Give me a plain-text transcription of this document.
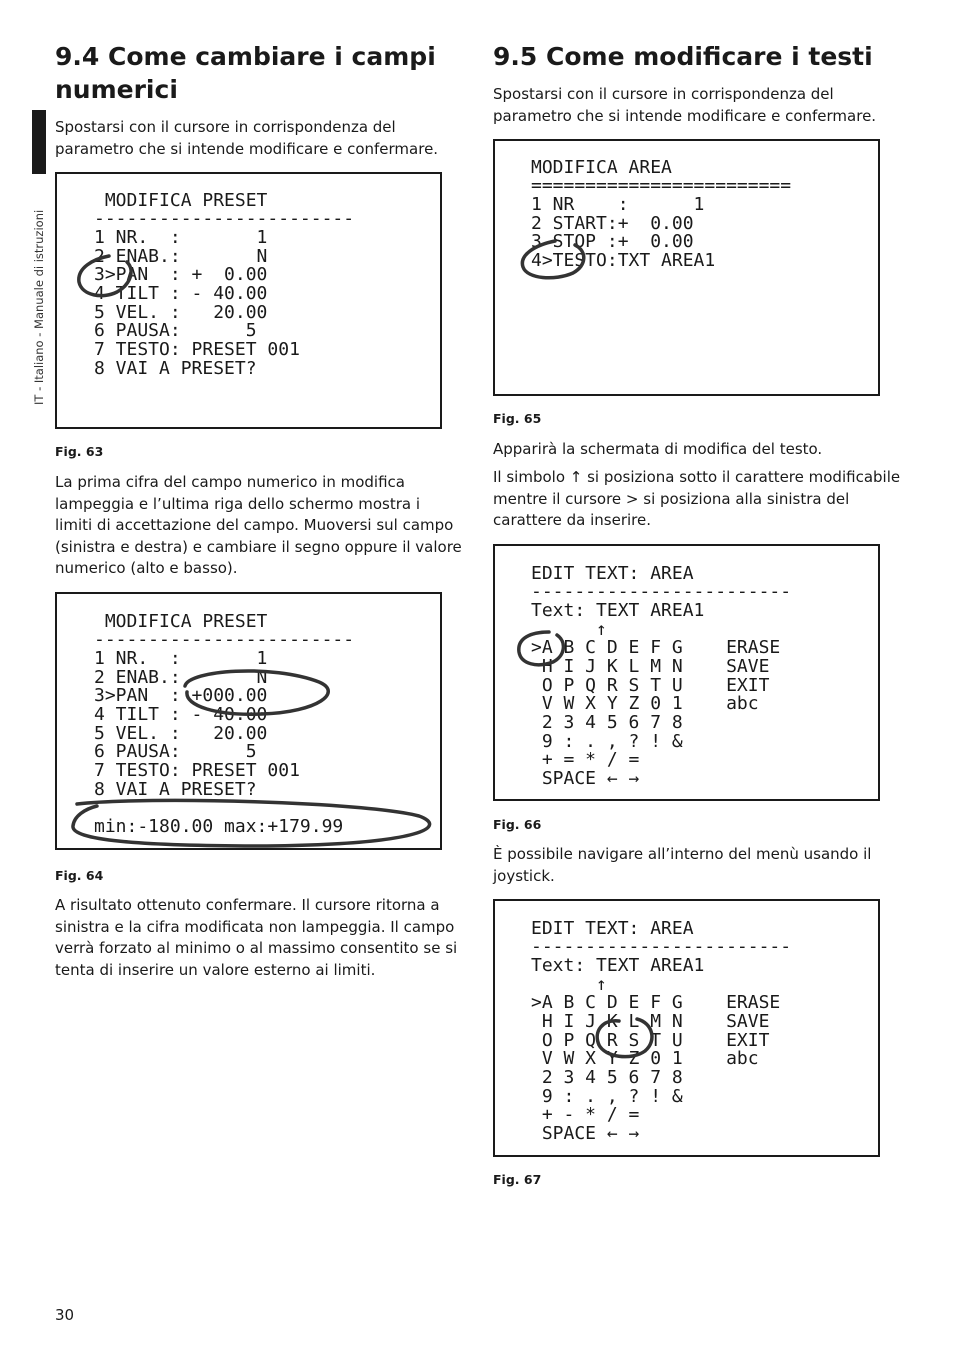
IT - Italiano - Manuale di istruzioni
9.4 Come cambiare i campi
numerici

Spostarsi con il cursore in corrispondenza del
parametro che si intende modificare e confermare.

MODIFICA PRESET
------------------------
1 NR.  :       1
2 ENAB.:       N
3>PAN  : +  0.00
4 TILT : - 40.00
5 VEL. :   20.00
6 PAUSA:      5
7 TESTO: PRESET 001
8 VAI A PRESET?

Fig. 63

La prima cifra del campo numerico in modifica
lampeggia e l’ultima riga dello schermo mostra i
limiti di accettazione del campo. Muoversi sul campo
(sinistra e destra) e cambiare il segno oppure il valore
numerico (alto e basso).

MODIFICA PRESET
------------------------
1 NR.  :       1
2 ENAB.:       N
3>PAN  : +000.00
4 TILT : - 40.00
5 VEL. :   20.00
6 PAUSA:      5
7 TESTO: PRESET 001
8 VAI A PRESET?
min:-180.00 max:+179.99

Fig. 64

A risultato ottenuto confermare. Il cursore ritorna a
sinistra e la cifra modificata non lampeggia. Il campo
verrà forzato al minimo o al massimo consentito se si
tenta di inserire un valore esterno ai limiti.

9.5 Come modificare i testi

Spostarsi con il cursore in corrispondenza del
parametro che si intende modificare e confermare.

MODIFICA AREA
========================
1 NR    :      1
2 START:+  0.00
3 STOP :+  0.00
4>TESTO:TXT AREA1

Fig. 65

Apparirà la schermata di modifica del testo.

Il simbolo ↑ si posiziona sotto il carattere modificabile
mentre il cursore > si posiziona alla sinistra del
carattere da inserire.

EDIT TEXT: AREA
------------------------
Text: TEXT AREA1
↑
>A B C D E F G    ERASE
H I J K L M N    SAVE
O P Q R S T U    EXIT
V W X Y Z 0 1    abc
2 3 4 5 6 7 8
9 : . , ? ! &
+ = * / =
SPACE ← →

Fig. 66

È possibile navigare all’interno del menù usando il
joystick.

EDIT TEXT: AREA
------------------------
Text: TEXT AREA1
↑
>A B C D E F G    ERASE
H I J K L M N    SAVE
O P Q R S T U    EXIT
V W X Y Z 0 1    abc
2 3 4 5 6 7 8
9 : . , ? ! &
+ - * / =
SPACE ← →

Fig. 67

30
